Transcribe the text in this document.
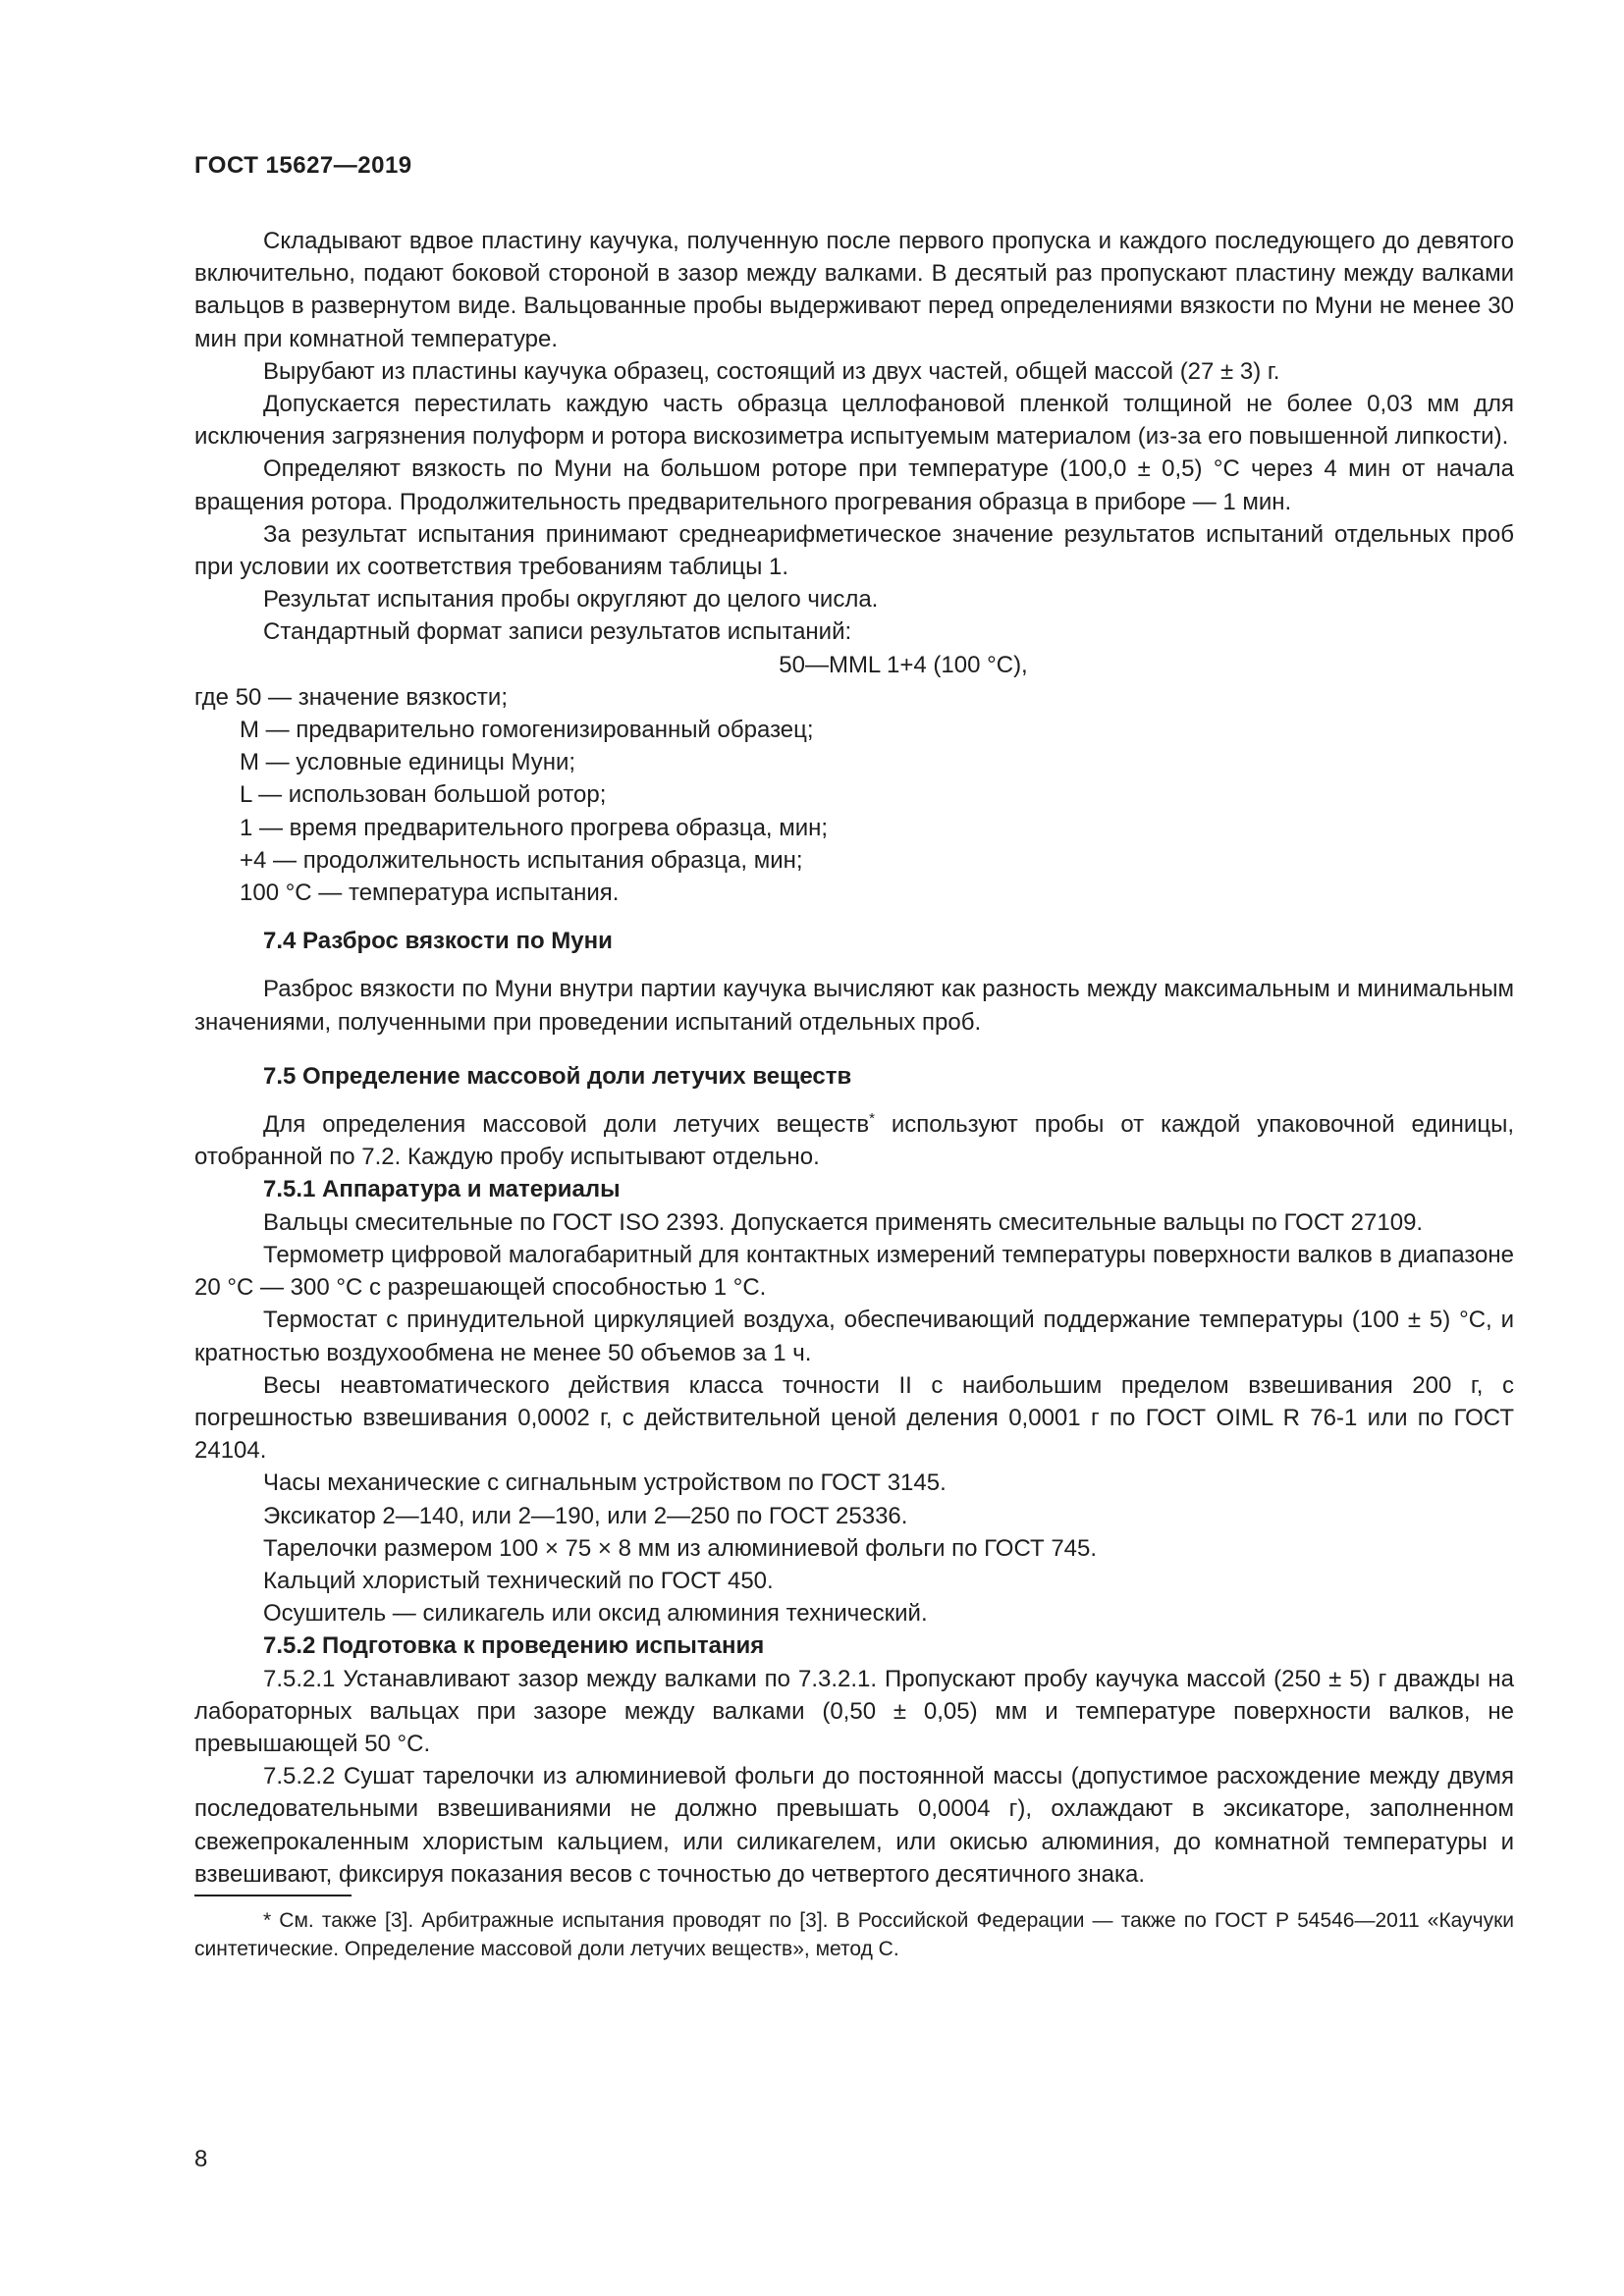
ГОСТ 15627—2019

Складывают вдвое пластину каучука, полученную после первого пропуска и каждого последующего до девятого включительно, подают боковой стороной в зазор между валками. В десятый раз пропускают пластину между валками вальцов в развернутом виде. Вальцованные пробы выдерживают перед определениями вязкости по Муни не менее 30 мин при комнатной температуре.

Вырубают из пластины каучука образец, состоящий из двух частей, общей массой (27 ± 3) г.

Допускается перестилать каждую часть образца целлофановой пленкой толщиной не более 0,03 мм для исключения загрязнения полуформ и ротора вискозиметра испытуемым материалом (из-за его повышенной липкости).

Определяют вязкость по Муни на большом роторе при температуре (100,0 ± 0,5) °C через 4 мин от начала вращения ротора. Продолжительность предварительного прогревания образца в приборе — 1 мин.

За результат испытания принимают среднеарифметическое значение результатов испытаний отдельных проб при условии их соответствия требованиям таблицы 1.

Результат испытания пробы округляют до целого числа.

Стандартный формат записи результатов испытаний:

50—MML 1+4 (100 °C),
где 50 — значение вязкости;
M — предварительно гомогенизированный образец;
M — условные единицы Муни;
L — использован большой ротор;
1 — время предварительного прогрева образца, мин;
+4 — продолжительность испытания образца, мин;
100 °C — температура испытания.
7.4 Разброс вязкости по Муни

Разброс вязкости по Муни внутри партии каучука вычисляют как разность между максимальным и минимальным значениями, полученными при проведении испытаний отдельных проб.

7.5 Определение массовой доли летучих веществ

Для определения массовой доли летучих веществ* используют пробы от каждой упаковочной единицы, отобранной по 7.2. Каждую пробу испытывают отдельно.

7.5.1 Аппаратура и материалы

Вальцы смесительные по ГОСТ ISO 2393. Допускается применять смесительные вальцы по ГОСТ 27109.

Термометр цифровой малогабаритный для контактных измерений температуры поверхности валков в диапазоне 20 °C — 300 °C с разрешающей способностью 1 °C.

Термостат с принудительной циркуляцией воздуха, обеспечивающий поддержание температуры (100 ± 5) °C, и кратностью воздухообмена не менее 50 объемов за 1 ч.

Весы неавтоматического действия класса точности II с наибольшим пределом взвешивания 200 г, с погрешностью взвешивания 0,0002 г, с действительной ценой деления 0,0001 г по ГОСТ OIML R 76-1 или по ГОСТ 24104.

Часы механические с сигнальным устройством по ГОСТ 3145.

Эксикатор 2—140, или 2—190, или 2—250 по ГОСТ 25336.

Тарелочки размером 100 × 75 × 8 мм из алюминиевой фольги по ГОСТ 745.

Кальций хлористый технический по ГОСТ 450.

Осушитель — силикагель или оксид алюминия технический.

7.5.2 Подготовка к проведению испытания

7.5.2.1 Устанавливают зазор между валками по 7.3.2.1. Пропускают пробу каучука массой (250 ± 5) г дважды на лабораторных вальцах при зазоре между валками (0,50 ± 0,05) мм и температуре поверхности валков, не превышающей 50 °C.

7.5.2.2 Сушат тарелочки из алюминиевой фольги до постоянной массы (допустимое расхождение между двумя последовательными взвешиваниями не должно превышать 0,0004 г), охлаждают в эксикаторе, заполненном свежепрокаленным хлористым кальцием, или силикагелем, или окисью алюминия, до комнатной температуры и взвешивают, фиксируя показания весов с точностью до четвертого десятичного знака.

* См. также [3]. Арбитражные испытания проводят по [3]. В Российской Федерации — также по ГОСТ Р 54546—2011 «Каучуки синтетические. Определение массовой доли летучих веществ», метод С.

8
